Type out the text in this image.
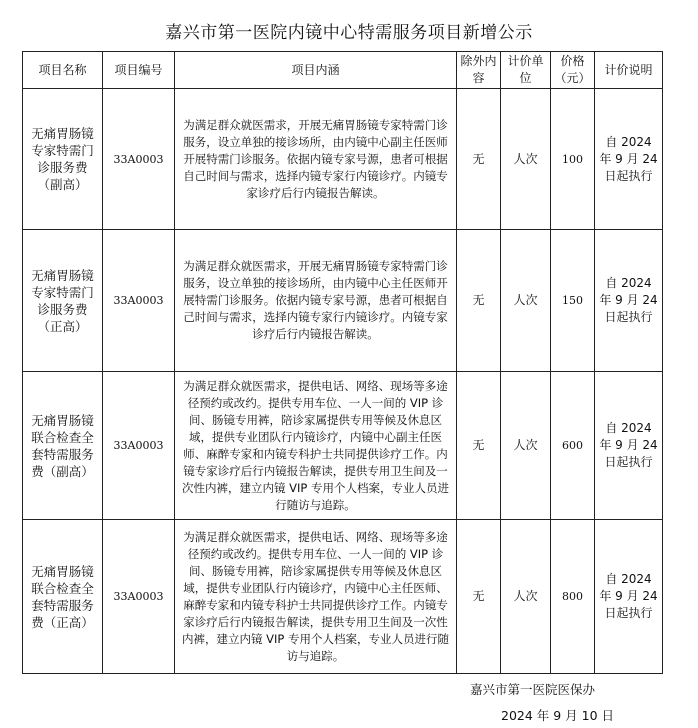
嘉兴市第一医院内镜中心特需服务项目新增公示
项目名称	项目编号	项目内涵	除外内容	计价单位	价格（元）	计价说明
无痛胃肠镜专家特需门诊服务费（副高）	33A0003	为满足群众就医需求，开展无痛胃肠镜专家特需门诊服务，设立单独的接诊场所，由内镜中心副主任医师开展特需门诊服务。依据内镜专家号源，患者可根据自己时间与需求，选择内镜专家行内镜诊疗。内镜专家诊疗后行内镜报告解读。	无	人次	100	自 2024 年 9 月 24 日起执行
无痛胃肠镜专家特需门诊服务费（正高）	33A0003	为满足群众就医需求，开展无痛胃肠镜专家特需门诊服务，设立单独的接诊场所，由内镜中心主任医师开展特需门诊服务。依据内镜专家号源，患者可根据自己时间与需求，选择内镜专家行内镜诊疗。内镜专家诊疗后行内镜报告解读。	无	人次	150	自 2024 年 9 月 24 日起执行
无痛胃肠镜联合检查全套特需服务费（副高）	33A0003	为满足群众就医需求，提供电话、网络、现场等多途径预约或改约。提供专用车位、一人一间的 VIP 诊间、肠镜专用裤，陪诊家属提供专用等候及休息区域，提供专业团队行内镜诊疗，内镜中心副主任医师、麻醉专家和内镜专科护士共同提供诊疗工作。内镜专家诊疗后行内镜报告解读，提供专用卫生间及一次性内裤，建立内镜 VIP 专用个人档案，专业人员进行随访与追踪。	无	人次	600	自 2024 年 9 月 24 日起执行
无痛胃肠镜联合检查全套特需服务费（正高）	33A0003	为满足群众就医需求，提供电话、网络、现场等多途径预约或改约。提供专用车位、一人一间的 VIP 诊间、肠镜专用裤，陪诊家属提供专用等候及休息区域，提供专业团队行内镜诊疗，内镜中心主任医师、麻醉专家和内镜专科护士共同提供诊疗工作。内镜专家诊疗后行内镜报告解读，提供专用卫生间及一次性内裤，建立内镜 VIP 专用个人档案，专业人员进行随访与追踪。	无	人次	800	自 2024 年 9 月 24 日起执行
嘉兴市第一医院医保办
2024 年 9 月 10 日
